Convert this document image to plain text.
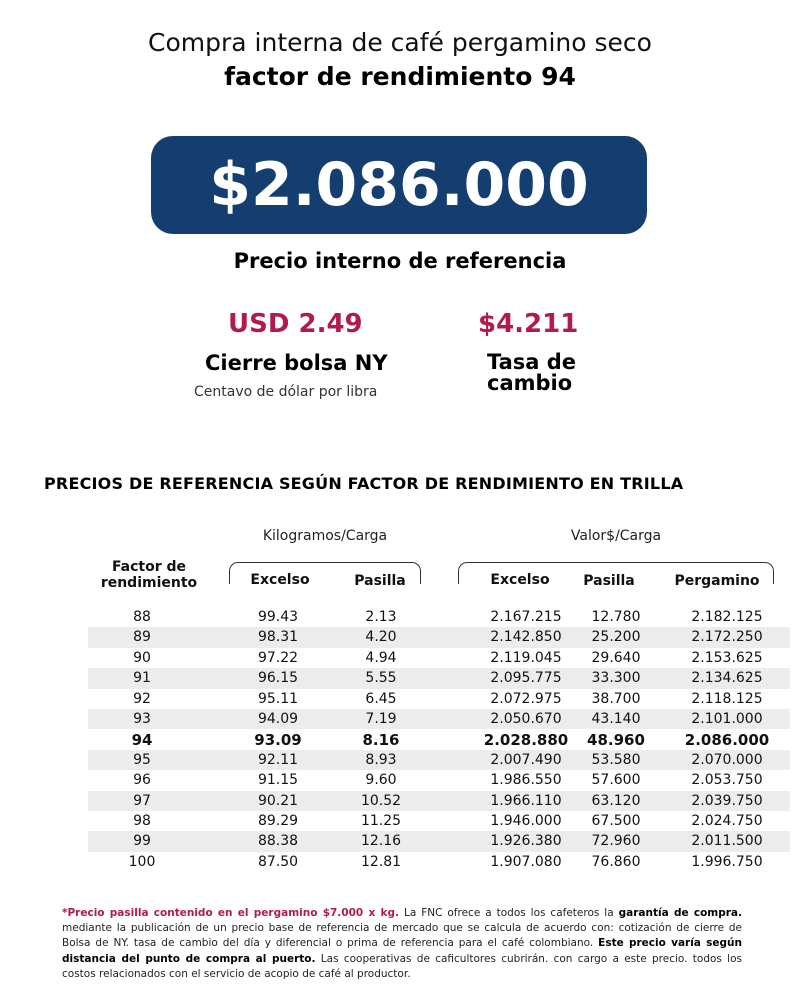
Compra interna de café pergamino seco
factor de rendimiento 94
$2.086.000
Precio interno de referencia
USD 2.49
Cierre bolsa NY
Centavo de dólar por libra
$4.211
Tasa de
cambio
PRECIOS DE REFERENCIA SEGÚN FACTOR DE RENDIMIENTO EN TRILLA
Kilogramos/Carga	Valor$/Carga
Factor de
rendimiento	Excelso	Pasilla	Excelso	Pasilla	Pergamino
88	99.43	2.13	2.167.215	12.780	2.182.125
89	98.31	4.20	2.142.850	25.200	2.172.250
90	97.22	4.94	2.119.045	29.640	2.153.625
91	96.15	5.55	2.095.775	33.300	2.134.625
92	95.11	6.45	2.072.975	38.700	2.118.125
93	94.09	7.19	2.050.670	43.140	2.101.000
94	93.09	8.16	2.028.880	48.960	2.086.000
95	92.11	8.93	2.007.490	53.580	2.070.000
96	91.15	9.60	1.986.550	57.600	2.053.750
97	90.21	10.52	1.966.110	63.120	2.039.750
98	89.29	11.25	1.946.000	67.500	2.024.750
99	88.38	12.16	1.926.380	72.960	2.011.500
100	87.50	12.81	1.907.080	76.860	1.996.750
*Precio pasilla contenido en el pergamino $7.000 x kg. La FNC ofrece a todos los cafeteros la garantía de compra. mediante la publicación de un precio base de referencia de mercado que se calcula de acuerdo con: cotización de cierre de Bolsa de NY. tasa de cambio del día y diferencial o prima de referencia para el café colombiano. Este precio varía según distancia del punto de compra al puerto. Las cooperativas de caficultores cubrirán. con cargo a este precio. todos los costos relacionados con el servicio de acopio de café al productor.
